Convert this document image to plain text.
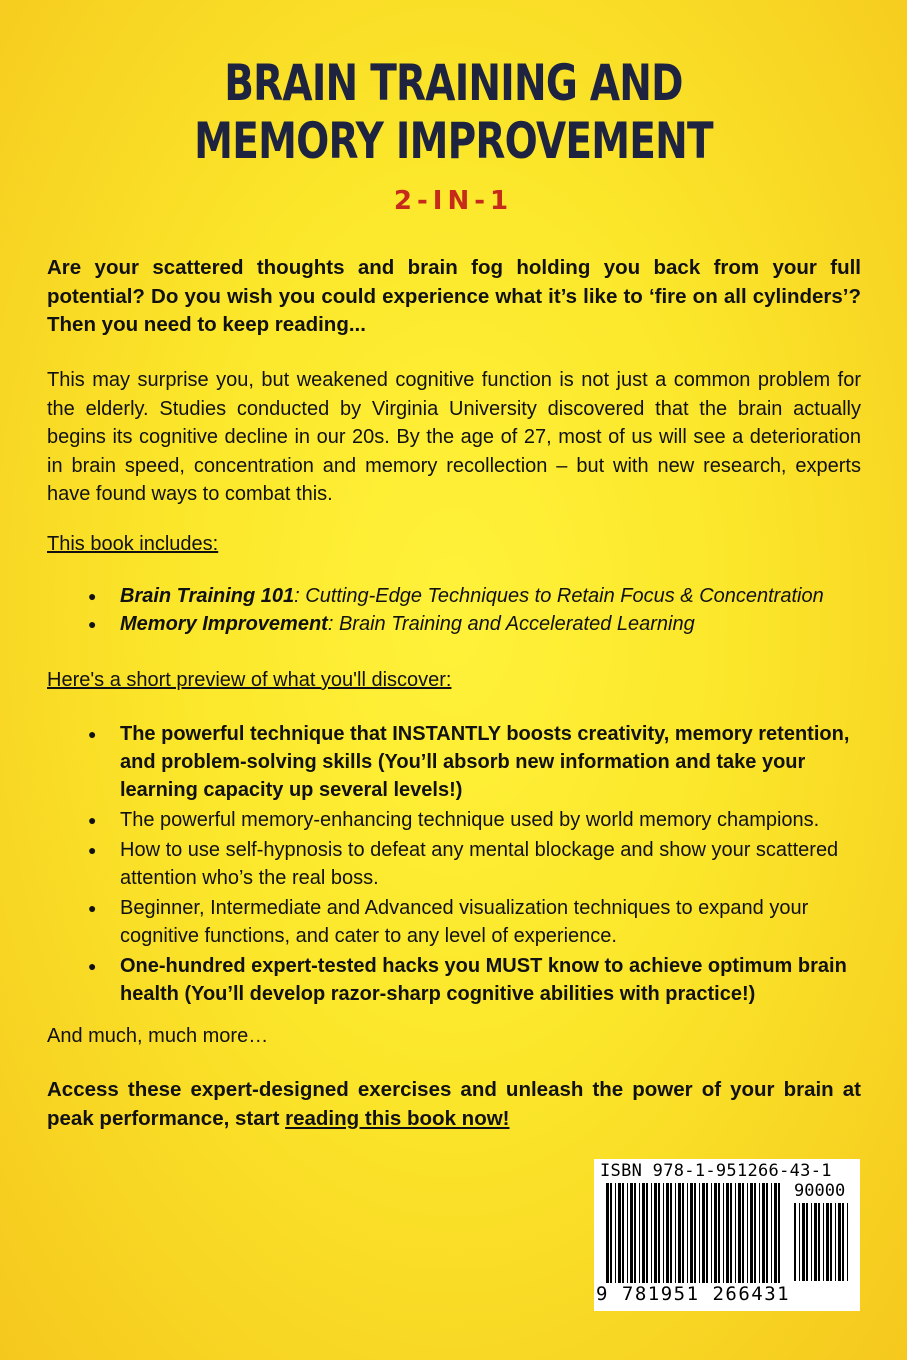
BRAIN TRAINING AND
MEMORY IMPROVEMENT
2-IN-1
Are your scattered thoughts and brain fog holding you back from your full potential? Do you wish you could experience what it’s like to ‘fire on all cylinders’? Then you need to keep reading...
This may surprise you, but weakened cognitive function is not just a common problem for the elderly. Studies conducted by Virginia University discovered that the brain actually begins its cognitive decline in our 20s. By the age of 27, most of us will see a deterioration in brain speed, concentration and memory recollection – but with new research, experts have found ways to combat this.
This book includes:
● Brain Training 101: Cutting-Edge Techniques to Retain Focus & Concentration
● Memory Improvement: Brain Training and Accelerated Learning
Here's a short preview of what you'll discover:
● The powerful technique that INSTANTLY boosts creativity, memory retention, and problem-solving skills (You’ll absorb new information and take your learning capacity up several levels!)
● The powerful memory-enhancing technique used by world memory champions.
● How to use self-hypnosis to defeat any mental blockage and show your scattered attention who’s the real boss.
● Beginner, Intermediate and Advanced visualization techniques to expand your cognitive functions, and cater to any level of experience.
● One-hundred expert-tested hacks you MUST know to achieve optimum brain health (You’ll develop razor-sharp cognitive abilities with practice!)
And much, much more…
Access these expert-designed exercises and unleash the power of your brain at peak performance, start reading this book now!
ISBN 978-1-951266-43-1
90000
9 781951 266431
